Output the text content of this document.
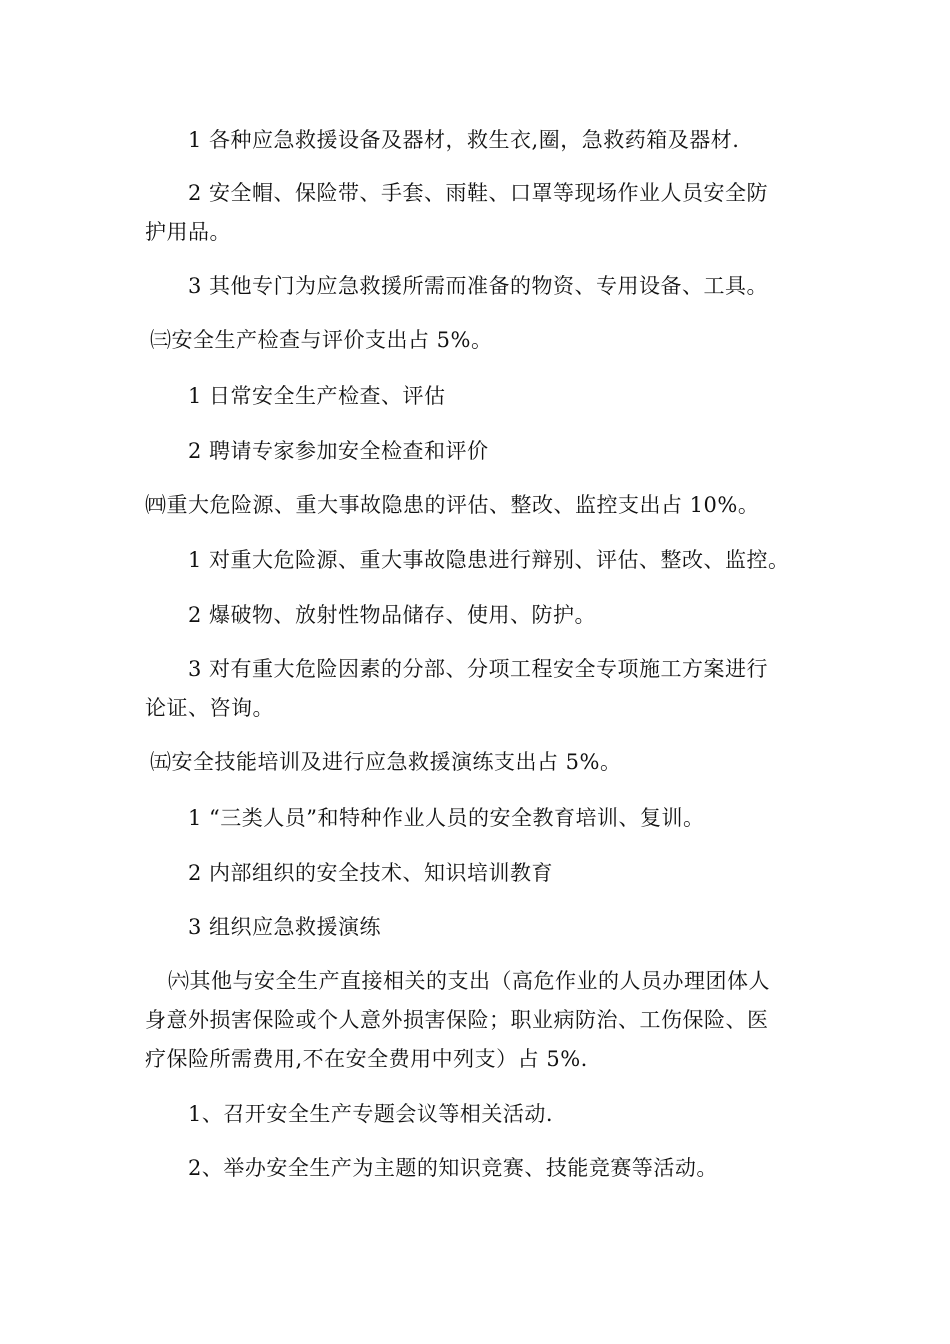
1 各种应急救援设备及器材，救生衣,圈，急救药箱及器材.
2 安全帽、保险带、手套、雨鞋、口罩等现场作业人员安全防
护用品。
3 其他专门为应急救援所需而准备的物资、专用设备、工具。
㈢安全生产检查与评价支出占 5%。
1 日常安全生产检查、评估
2 聘请专家参加安全检查和评价
㈣重大危险源、重大事故隐患的评估、整改、监控支出占 10%。
1 对重大危险源、重大事故隐患进行辩别、评估、整改、监控。
2 爆破物、放射性物品储存、使用、防护。
3 对有重大危险因素的分部、分项工程安全专项施工方案进行
论证、咨询。
㈤安全技能培训及进行应急救援演练支出占 5%。
1 “三类人员”和特种作业人员的安全教育培训、复训。
2 内部组织的安全技术、知识培训教育
3 组织应急救援演练
㈥其他与安全生产直接相关的支出（高危作业的人员办理团体人
身意外损害保险或个人意外损害保险；职业病防治、工伤保险、医
疗保险所需费用,不在安全费用中列支）占 5%.
1、召开安全生产专题会议等相关活动.
2、举办安全生产为主题的知识竞赛、技能竞赛等活动。
